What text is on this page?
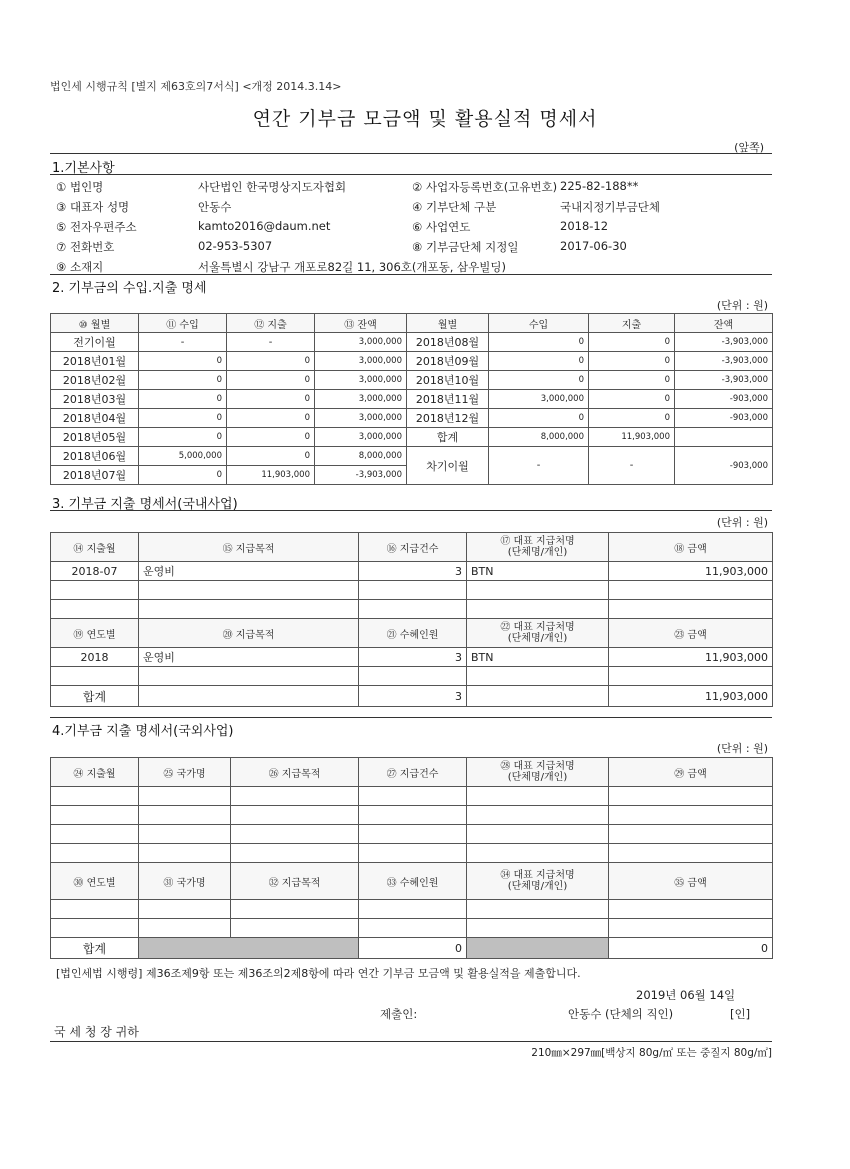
법인세 시행규칙 [별지 제63호의7서식] <개정 2014.3.14>
연간 기부금 모금액 및 활용실적 명세서
(앞쪽)
1.기본사항
① 법인명	사단법인 한국명상지도자협회	② 사업자등록번호(고유번호) 225-82-188**
③ 대표자 성명	안동수	④ 기부단체 구분	국내지정기부금단체
⑤ 전자우편주소	kamto2016@daum.net	⑥ 사업연도	2018-12
⑦ 전화번호	02-953-5307	⑧ 기부금단체 지정일	2017-06-30
⑨ 소재지	서울특별시 강남구 개포로82길 11, 306호(개포동, 삼우빌딩)
2. 기부금의 수입.지출 명세
(단위 : 원)
⑩ 월별	⑪ 수입	⑫ 지출	⑬ 잔액	월별	수입	지출	잔액
전기이월	-	-	3,000,000	2018년08월	0	0	-3,903,000
2018년01월	0	0	3,000,000	2018년09월	0	0	-3,903,000
2018년02월	0	0	3,000,000	2018년10월	0	0	-3,903,000
2018년03월	0	0	3,000,000	2018년11월	3,000,000	0	-903,000
2018년04월	0	0	3,000,000	2018년12월	0	0	-903,000
2018년05월	0	0	3,000,000	합계	8,000,000	11,903,000	
2018년06월	5,000,000	0	8,000,000	차기이월	-	-	-903,000
2018년07월	0	11,903,000	-3,903,000				
3. 기부금 지출 명세서(국내사업)
(단위 : 원)
⑭ 지출월	⑮ 지급목적	⑯ 지급건수	⑰ 대표 지급처명
(단체명/개인)	⑱ 금액
2018-07	운영비	3	BTN	11,903,000

⑲ 연도별	⑳ 지급목적	㉑ 수혜인원	㉒ 대표 지급처명
(단체명/개인)	㉓ 금액
2018	운영비	3	BTN	11,903,000

합계		3		11,903,000
4.기부금 지출 명세서(국외사업)
(단위 : 원)
㉔ 지출월	㉕ 국가명	㉖ 지급목적	㉗ 지급건수	㉘ 대표 지급처명
(단체명/개인)	㉙ 금액

㉚ 연도별	㉛ 국가명	㉜ 지급목적	㉝ 수혜인원	㉞ 대표 지급처명
(단체명/개인)	㉟ 금액

합계			0		0
[법인세법 시행령] 제36조제9항 또는 제36조의2제8항에 따라 연간 기부금 모금액 및 활용실적을 제출합니다.
2019년 06월 14일
제출인:	안동수 (단체의 직인)	[인]
국 세 청 장 귀하
210㎜×297㎜[백상지 80g/㎡ 또는 중질지 80g/㎡]
